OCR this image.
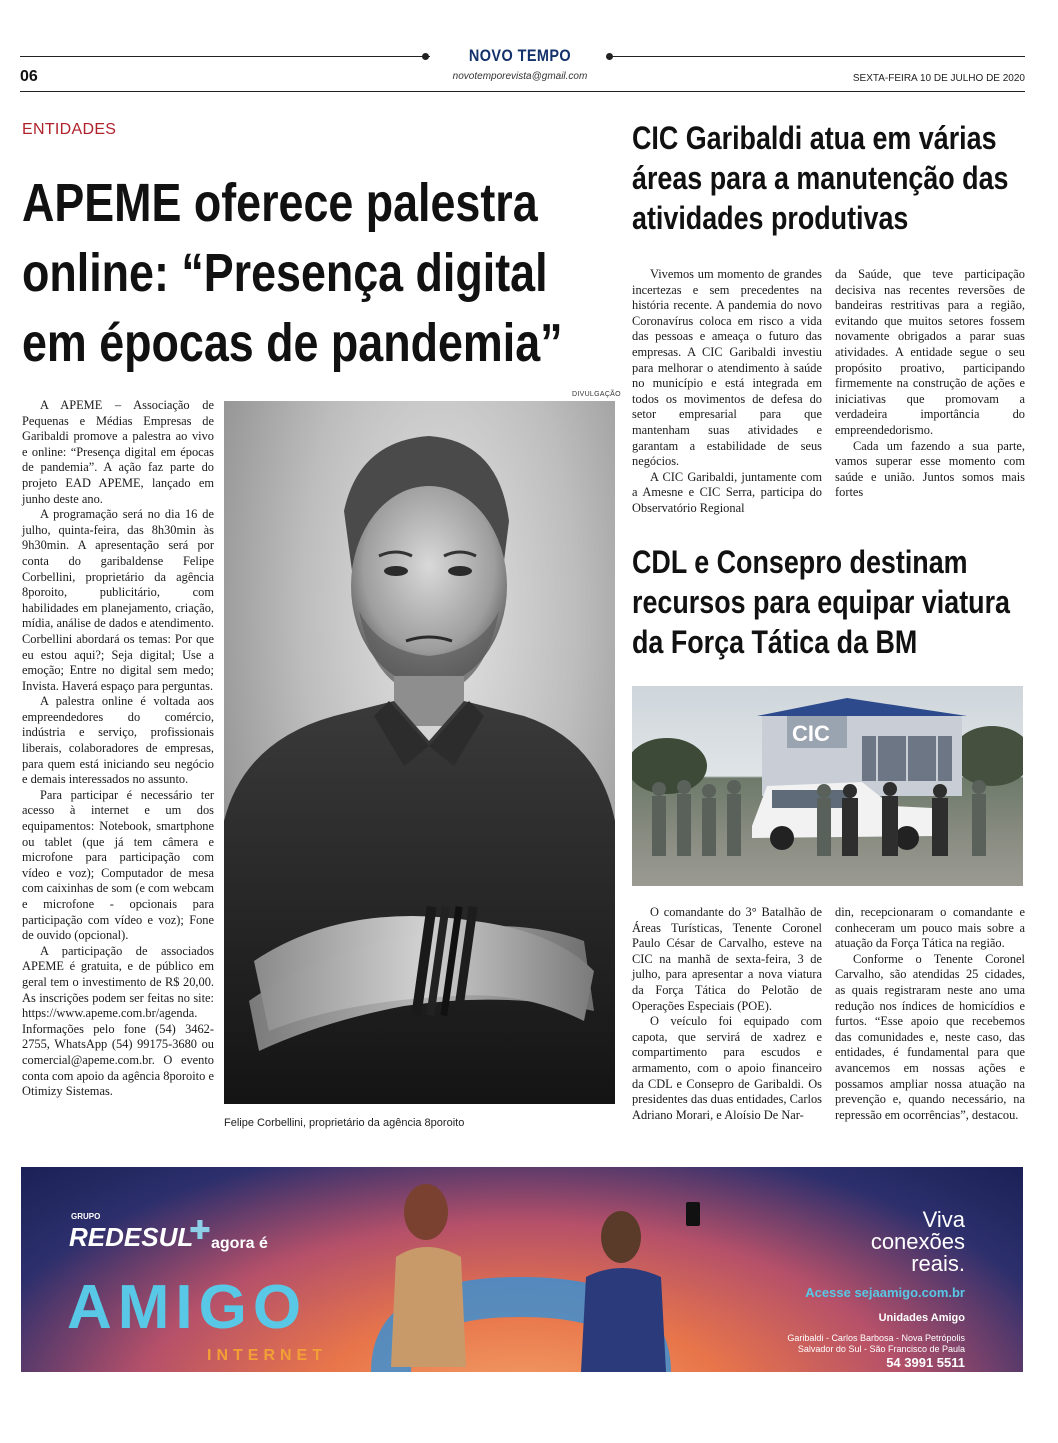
NOVO TEMPO
novotemporevista@gmail.com
06	SEXTA-FEIRA 10 DE JULHO DE 2020
ENTIDADES
APEME oferece palestra online: “Presença digital em épocas de pandemia”

A APEME – Associação de Pequenas e Médias Empresas de Garibaldi promove a palestra ao vivo e online: “Presença digital em épocas de pandemia”. A ação faz parte do projeto EAD APEME, lançado em junho deste ano.

A programação será no dia 16 de julho, quinta-feira, das 8h30min às 9h30min. A apresentação será por conta do garibaldense Felipe Corbellini, proprietário da agência 8poroito, publicitário, com habilidades em planejamento, criação, mídia, análise de dados e atendimento. Corbellini abordará os temas: Por que eu estou aqui?; Seja digital; Use a emoção; Entre no digital sem medo; Invista. Haverá espaço para perguntas.

A palestra online é voltada aos empreendedores do comércio, indústria e serviço, profissionais liberais, colaboradores de empresas, para quem está iniciando seu negócio e demais interessados no assunto.

Para participar é necessário ter acesso à internet e um dos equipamentos: Notebook, smartphone ou tablet (que já tem câmera e microfone para participação com vídeo e voz); Computador de mesa com caixinhas de som (e com webcam e microfone - opcionais para participação com vídeo e voz); Fone de ouvido (opcional).

A participação de associados APEME é gratuita, e de público em geral tem o investimento de R$ 20,00. As inscrições podem ser feitas no site: https://www.apeme.com.br/agenda. Informações pelo fone (54) 3462-2755, WhatsApp (54) 99175-3680 ou comercial@apeme.com.br. O evento conta com apoio da agência 8poroito e Otimizy Sistemas.

DIVULGAÇÃO
Felipe Corbellini, proprietário da agência 8poroito
CIC Garibaldi atua em várias áreas para a manutenção das atividades produtivas

Vivemos um momento de grandes incertezas e sem precedentes na história recente. A pandemia do novo Coronavírus coloca em risco a vida das pessoas e ameaça o futuro das empresas. A CIC Garibaldi investiu para melhorar o atendimento à saúde no município e está integrada em todos os movimentos de defesa do setor empresarial para que mantenham suas atividades e garantam a estabilidade de seus negócios.

A CIC Garibaldi, juntamente com a Amesne e CIC Serra, participa do Observatório Regional

da Saúde, que teve participação decisiva nas recentes reversões de bandeiras restritivas para a região, evitando que muitos setores fossem novamente obrigados a parar suas atividades. A entidade segue o seu propósito proativo, participando firmemente na construção de ações e iniciativas que promovam a verdadeira importância do empreendedorismo.

Cada um fazendo a sua parte, vamos superar esse momento com saúde e união. Juntos somos mais fortes

CDL e Consepro destinam recursos para equipar viatura da Força Tática da BM
CIC

O comandante do 3° Batalhão de Áreas Turísticas, Tenente Coronel Paulo César de Carvalho, esteve na CIC na manhã de sexta-feira, 3 de julho, para apresentar a nova viatura da Força Tática do Pelotão de Operações Especiais (POE).

O veículo foi equipado com capota, que servirá de xadrez e compartimento para escudos e armamento, com o apoio financeiro da CDL e Consepro de Garibaldi. Os presidentes das duas entidades, Carlos Adriano Morari, e Aloísio De Nar-

din, recepcionaram o comandante e conheceram um pouco mais sobre a atuação da Força Tática na região.

Conforme o Tenente Coronel Carvalho, são atendidas 25 cidades, as quais registraram neste ano uma redução nos índices de homicídios e furtos. “Esse apoio que recebemos das comunidades e, neste caso, das entidades, é fundamental para que avancemos em nossas ações e possamos ampliar nossa atuação na prevenção e, quando necessário, na repressão em ocorrências”, destacou.

GRUPO
REDESUL
✚ agora é
AMIGO
INTERNET
Viva
conexões
reais.
Acesse sejaamigo.com.br
Unidades Amigo
Garibaldi - Carlos Barbosa - Nova Petrópolis
Salvador do Sul - São Francisco de Paula
54 3991 5511
